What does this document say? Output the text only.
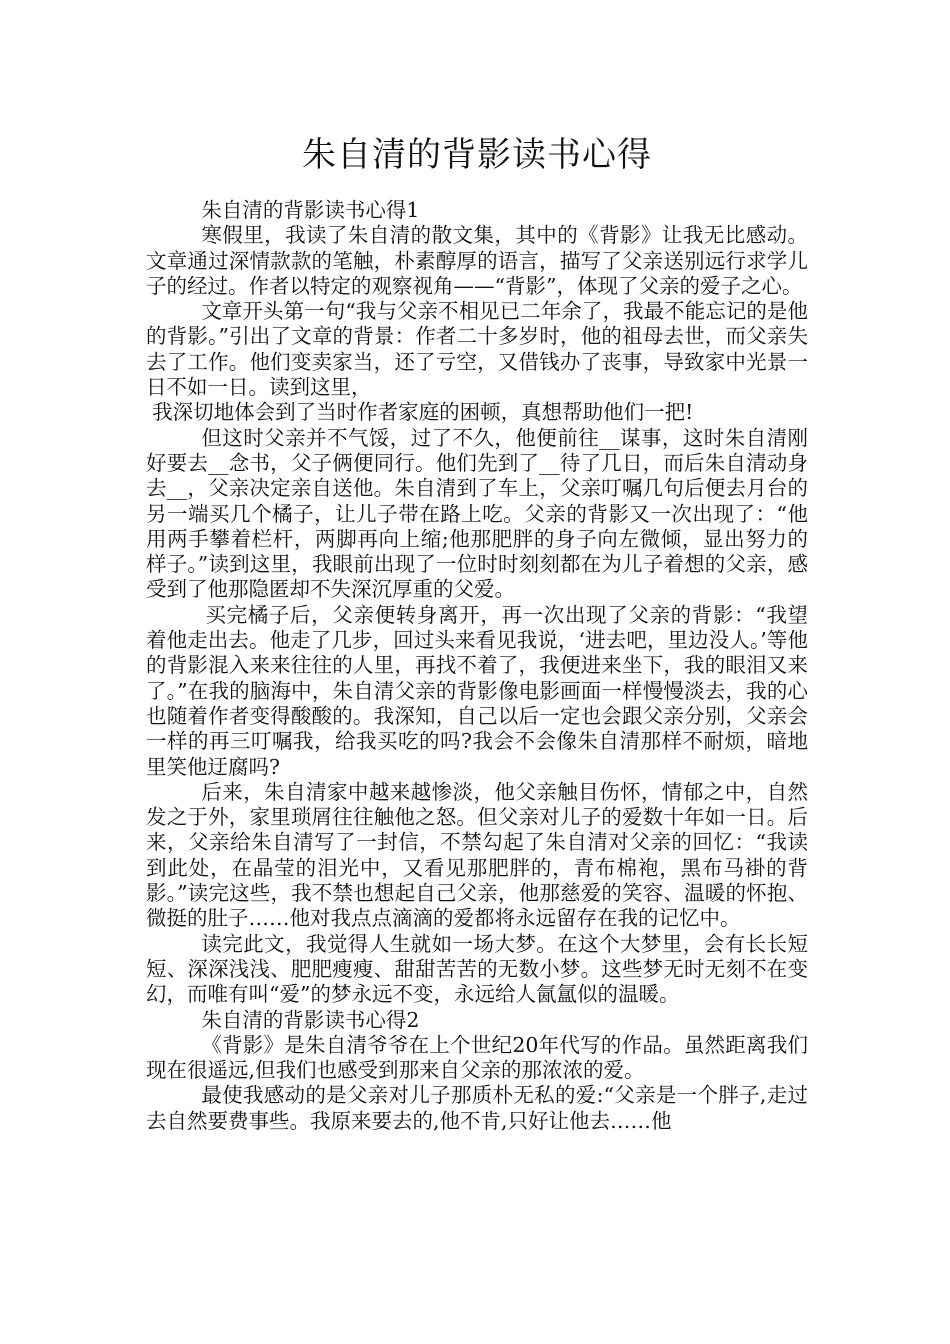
朱自清的背影读书心得

朱自清的背影读书心得1

寒假里，我读了朱自清的散文集，其中的《背影》让我无比感动。文章通过深情款款的笔触，朴素醇厚的语言，描写了父亲送别远行求学儿子的经过。作者以特定的观察视角——“背影”，体现了父亲的爱子之心。

文章开头第一句“我与父亲不相见已二年余了，我最不能忘记的是他的背影。”引出了文章的背景：作者二十多岁时，他的祖母去世，而父亲失去了工作。他们变卖家当，还了亏空，又借钱办了丧事，导致家中光景一日不如一日。读到这里，

我深切地体会到了当时作者家庭的困顿，真想帮助他们一把!

但这时父亲并不气馁，过了不久，他便前往__谋事，这时朱自清刚好要去__念书，父子俩便同行。他们先到了__待了几日，而后朱自清动身去__，父亲决定亲自送他。朱自清到了车上，父亲叮嘱几句后便去月台的另一端买几个橘子，让儿子带在路上吃。父亲的背影又一次出现了：“他用两手攀着栏杆，两脚再向上缩;他那肥胖的身子向左微倾，显出努力的样子。”读到这里，我眼前出现了一位时时刻刻都在为儿子着想的父亲，感受到了他那隐匿却不失深沉厚重的父爱。

买完橘子后，父亲便转身离开，再一次出现了父亲的背影：“我望着他走出去。他走了几步，回过头来看见我说，‘进去吧，里边没人。’等他的背影混入来来往往的人里，再找不着了，我便进来坐下，我的眼泪又来了。”在我的脑海中，朱自清父亲的背影像电影画面一样慢慢淡去，我的心也随着作者变得酸酸的。我深知，自己以后一定也会跟父亲分别，父亲会一样的再三叮嘱我，给我买吃的吗?我会不会像朱自清那样不耐烦，暗地里笑他迂腐吗?

后来，朱自清家中越来越惨淡，他父亲触目伤怀，情郁之中，自然发之于外，家里琐屑往往触他之怒。但父亲对儿子的爱数十年如一日。后来，父亲给朱自清写了一封信，不禁勾起了朱自清对父亲的回忆：“我读到此处，在晶莹的泪光中，又看见那肥胖的，青布棉袍，黑布马褂的背影。”读完这些，我不禁也想起自己父亲，他那慈爱的笑容、温暖的怀抱、微挺的肚子……他对我点点滴滴的爱都将永远留存在我的记忆中。

读完此文，我觉得人生就如一场大梦。在这个大梦里，会有长长短短、深深浅浅、肥肥瘦瘦、甜甜苦苦的无数小梦。这些梦无时无刻不在变幻，而唯有叫“爱”的梦永远不变，永远给人氤氲似的温暖。

朱自清的背影读书心得2

《背影》是朱自清爷爷在上个世纪20年代写的作品。虽然距离我们现在很遥远,但我们也感受到那来自父亲的那浓浓的爱。

最使我感动的是父亲对儿子那质朴无私的爱:“父亲是一个胖子,走过去自然要费事些。我原来要去的,他不肯,只好让他去……他
